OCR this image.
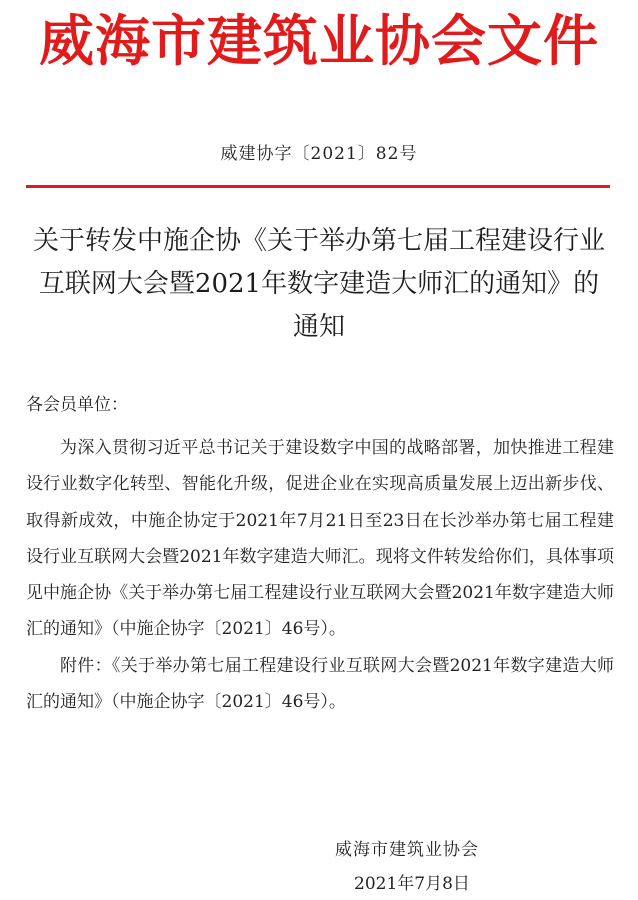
威海市建筑业协会文件
威建协字〔2021〕82号
关于转发中施企协《关于举办第七届工程建设行业互联网大会暨2021年数字建造大师汇的通知》的通知
各会员单位：

为深入贯彻习近平总书记关于建设数字中国的战略部署，加快推进工程建设行业数字化转型、智能化升级，促进企业在实现高质量发展上迈出新步伐、取得新成效，中施企协定于2021年7月21日至23日在长沙举办第七届工程建设行业互联网大会暨2021年数字建造大师汇。现将文件转发给你们，具体事项见中施企协《关于举办第七届工程建设行业互联网大会暨2021年数字建造大师汇的通知》（中施企协字〔2021〕46号）。

附件：《关于举办第七届工程建设行业互联网大会暨2021年数字建造大师汇的通知》（中施企协字〔2021〕46号）。

威海市建筑业协会
2021年7月8日
